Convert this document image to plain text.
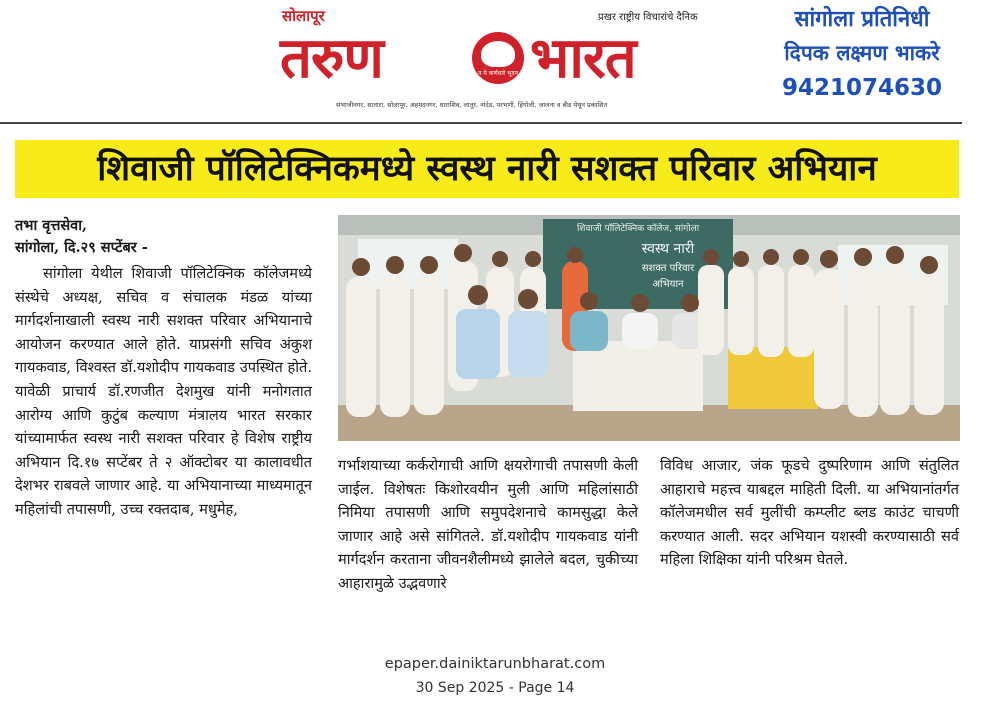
सोलापूर	प्रखर राष्ट्रीय विचारांचे दैनिक
तरुण	न मे कर्णधारे भूदन भारत
संभाजीनगर, सातारा, सोलापूर, अहमदनगर, धाराशिव, लातूर, नांदेड, परभणी, हिंगोली, जालना व बीड येथून प्रकाशित
सांगोला प्रतिनिधी
दिपक लक्ष्मण भाकरे
9421074630
शिवाजी पॉलिटेक्निकमध्ये स्वस्थ नारी सशक्त परिवार अभियान
तभा वृत्तसेवा,
सांगोला, दि.२९ सप्टेंबर -
सांगोला येथील शिवाजी पॉलिटेक्निक कॉलेजमध्ये संस्थेचे अध्यक्ष, सचिव व संचालक मंडळ यांच्या मार्गदर्शनाखाली स्वस्थ नारी सशक्त परिवार अभियानाचे आयोजन करण्यात आले होते. याप्रसंगी सचिव अंकुश गायकवाड, विश्वस्त डॉ.यशोदीप गायकवाड उपस्थित होते. यावेळी प्राचार्य डॉ.रणजीत देशमुख यांनी मनोगतात आरोग्य आणि कुटुंब कल्याण मंत्रालय भारत सरकार यांच्यामार्फत स्वस्थ नारी सशक्त परिवार हे विशेष राष्ट्रीय अभियान दि.१७ सप्टेंबर ते २ ऑक्टोबर या कालावधीत देशभर राबवले जाणार आहे. या अभियानाच्या माध्यमातून महिलांची तपासणी, उच्च रक्तदाब, मधुमेह,
शिवाजी पॉलिटेक्निक कॉलेज, सांगोला
स्वस्थ नारी
सशक्त परिवार
अभियान
गर्भाशयाच्या कर्करोगाची आणि क्षयरोगाची तपासणी केली जाईल. विशेषतः किशोरवयीन मुली आणि महिलांसाठी निमिया तपासणी आणि समुपदेशनाचे कामसुद्धा केले जाणार आहे असे सांगितले. डॉ.यशोदीप गायकवाड यांनी मार्गदर्शन करताना जीवनशैलीमध्ये झालेले बदल, चुकीच्या आहारामुळे उद्भवणारे
विविध आजार, जंक फूडचे दुष्परिणाम आणि संतुलित आहाराचे महत्त्व याबद्दल माहिती दिली. या अभियानांतर्गत कॉलेजमधील सर्व मुलींची कम्प्लीट ब्लड काउंट चाचणी करण्यात आली. सदर अभियान यशस्वी करण्यासाठी सर्व महिला शिक्षिका यांनी परिश्रम घेतले.
epaper.dainiktarunbharat.com
30 Sep 2025 - Page 14
